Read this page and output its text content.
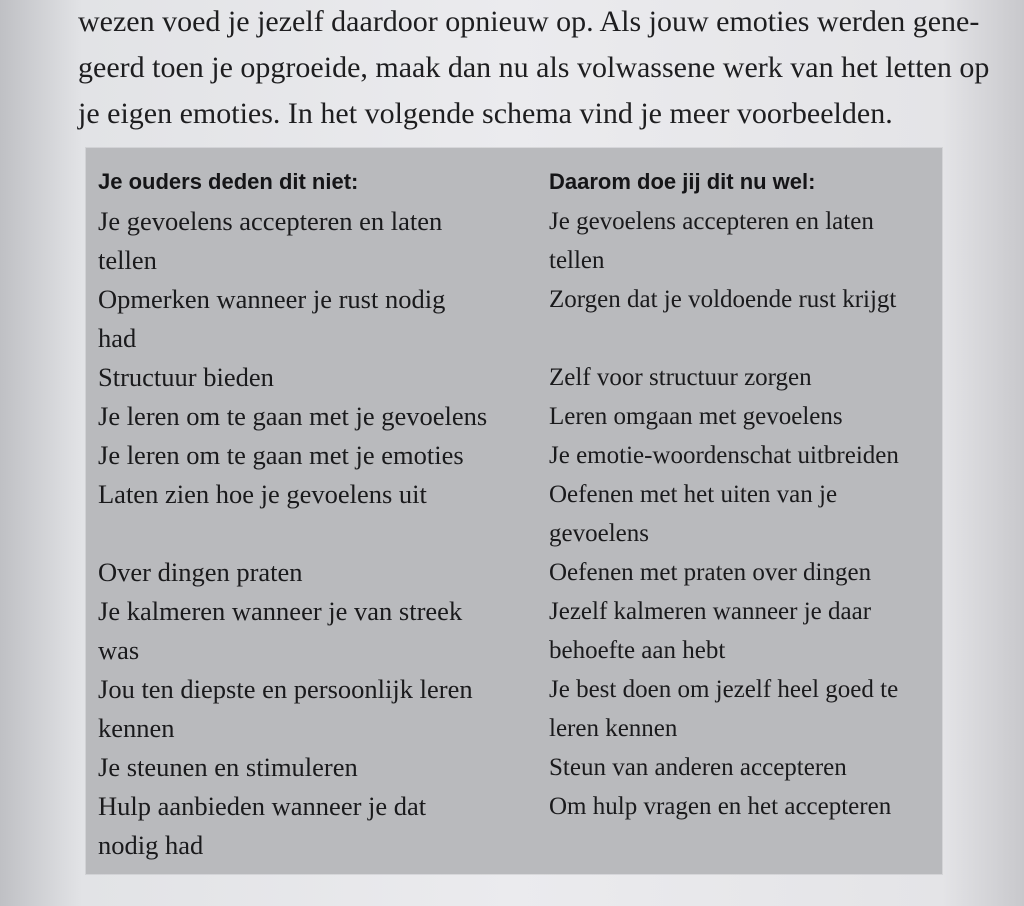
wezen voed je jezelf daardoor opnieuw op. Als jouw emoties werden gene-
geerd toen je opgroeide, maak dan nu als volwassene werk van het letten op
je eigen emoties. In het volgende schema vind je meer voorbeelden.
Je ouders deden dit niet:
Je gevoelens accepteren en laten
tellen
Opmerken wanneer je rust nodig
had
Structuur bieden
Je leren om te gaan met je gevoelens
Je leren om te gaan met je emoties
Laten zien hoe je gevoelens uit

Over dingen praten
Je kalmeren wanneer je van streek
was
Jou ten diepste en persoonlijk leren
kennen
Je steunen en stimuleren
Hulp aanbieden wanneer je dat
nodig had
Daarom doe jij dit nu wel:
Je gevoelens accepteren en laten
tellen
Zorgen dat je voldoende rust krijgt

Zelf voor structuur zorgen
Leren omgaan met gevoelens
Je emotie-woordenschat uitbreiden
Oefenen met het uiten van je
gevoelens
Oefenen met praten over dingen
Jezelf kalmeren wanneer je daar
behoefte aan hebt
Je best doen om jezelf heel goed te
leren kennen
Steun van anderen accepteren
Om hulp vragen en het accepteren
